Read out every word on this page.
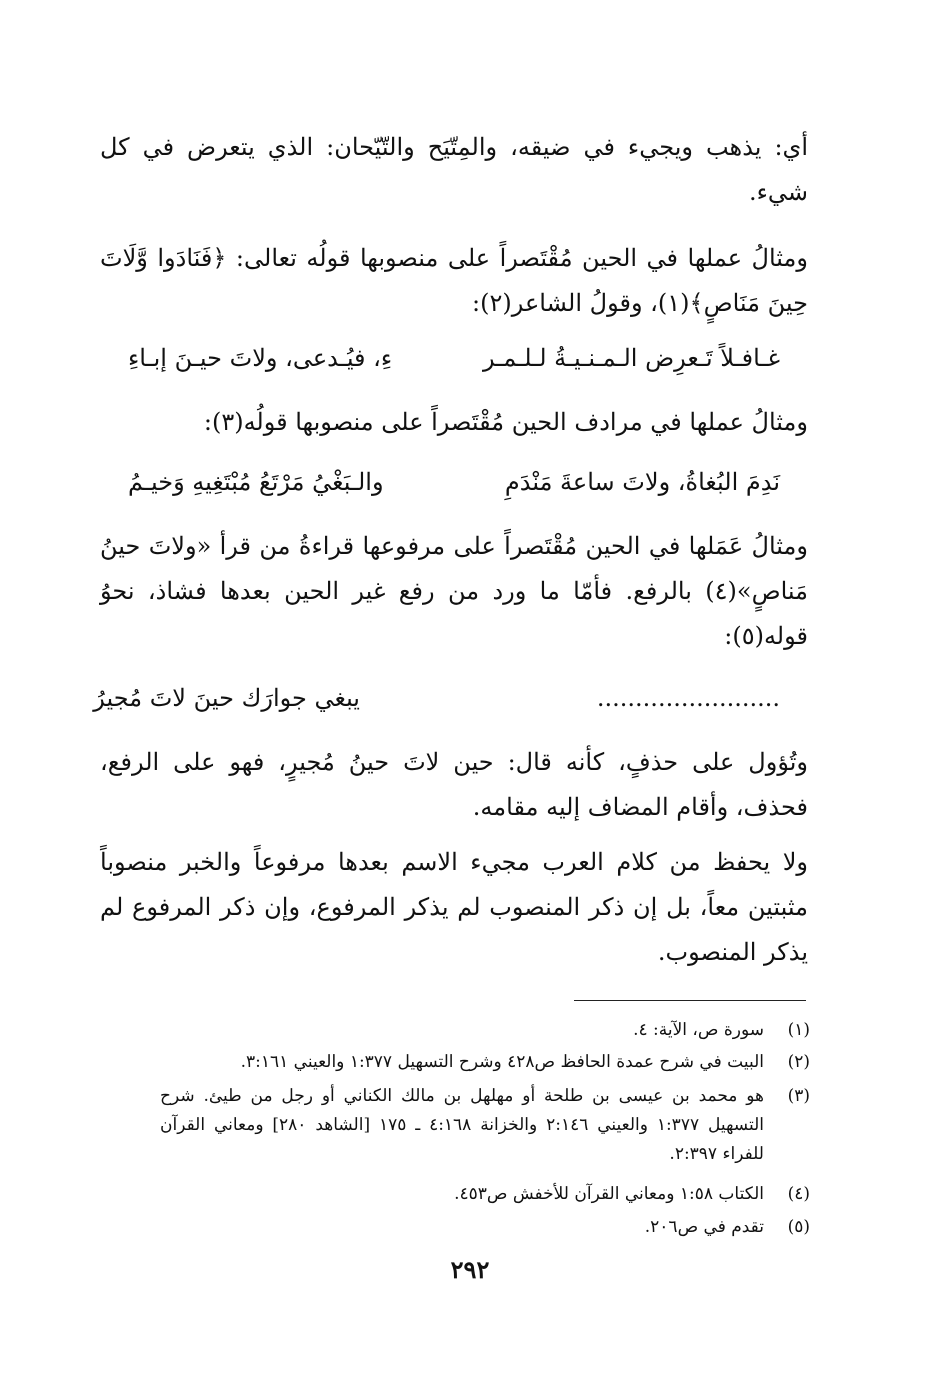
أي: يذهب ويجيء في ضيقه، والمِتّيَح والتّيّحان: الذي يتعرض في كل شيء.
ومثالُ عملها في الحين مُقْتَصراً على منصوبها قولُه تعالى: ﴿فَنَادَوا وَّلَاتَ حِينَ مَنَاصٍ﴾(١)، وقولُ الشاعر(٢):
غـافـلاً تَـعرِض الـمـنـيـةُ لـلـمـر
ءِ، فيُـدعى، ولاتَ حيـنَ إبـاءِ
ومثالُ عملها في مرادف الحين مُقْتَصراً على منصوبها قولُه(٣):
نَدِمَ البُغاةُ، ولاتَ ساعةَ مَنْدَمِ
والـبَغْيُ مَرْتَعُ مُبْتَغِيهِ وَخيـمُ
ومثالُ عَمَلها في الحين مُقْتَصراً على مرفوعها قراءةُ من قرأ «ولاتَ حينُ مَناصٍ»(٤) بالرفع. فأمّا ما ورد من رفع غير الحين بعدها فشاذ، نحوُ قوله(٥):
........................
يبغي جوارَك حينَ لاتَ مُجيرُ
وتُؤول على حذفٍ، كأنه قال: حين لاتَ حينُ مُجيرٍ، فهو على الرفع، فحذف، وأقام المضاف إليه مقامه.
ولا يحفظ من كلام العرب مجيء الاسم بعدها مرفوعاً والخبر منصوباً مثبتين معاً، بل إن ذكر المنصوب لم يذكر المرفوع، وإن ذكر المرفوع لم يذكر المنصوب.
(١)
سورة ص، الآية: ٤.
(٢)
البيت في شرح عمدة الحافظ ص٤٢٨ وشرح التسهيل ١:٣٧٧ والعيني ٣:١٦١.
(٣)
هو محمد بن عيسى بن طلحة أو مهلهل بن مالك الكناني أو رجل من طيئ. شرح التسهيل ١:٣٧٧ والعيني ٢:١٤٦ والخزانة ٤:١٦٨ ـ ١٧٥ [الشاهد ٢٨٠] ومعاني القرآن للفراء ٢:٣٩٧.
(٤)
الكتاب ١:٥٨ ومعاني القرآن للأخفش ص٤٥٣.
(٥)
تقدم في ص٢٠٦.
٢٩٢
